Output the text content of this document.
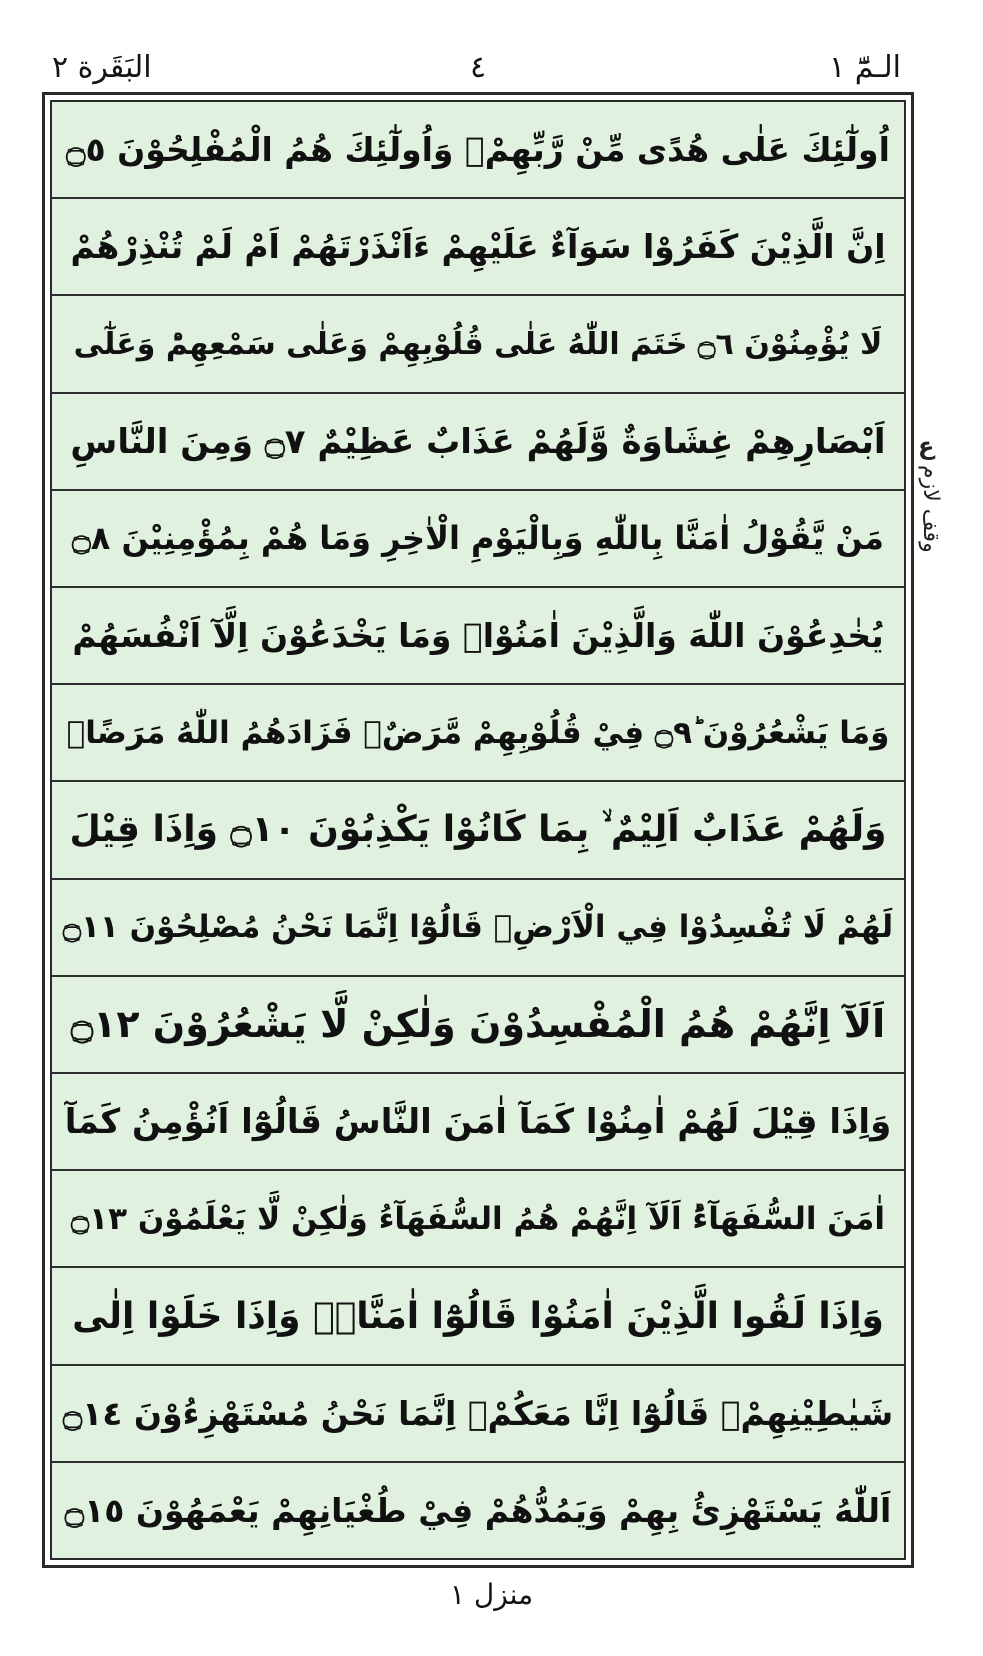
الـمّٓ ١
٤
البَقَرة ٢
اُولٰٓئِكَ عَلٰى هُدًى مِّنْ رَّبِّهِمْۗ وَاُولٰٓئِكَ هُمُ الْمُفْلِحُوْنَ ۝٥
اِنَّ الَّذِيْنَ كَفَرُوْا سَوَآءٌ عَلَيْهِمْ ءَاَنْذَرْتَهُمْ اَمْ لَمْ تُنْذِرْهُمْ
لَا يُؤْمِنُوْنَ ۝٦ خَتَمَ اللّٰهُ عَلٰى قُلُوْبِهِمْ وَعَلٰى سَمْعِهِمْؕ وَعَلٰٓى
اَبْصَارِهِمْ غِشَاوَةٌ وَّلَهُمْ عَذَابٌ عَظِيْمٌ ۝٧ وَمِنَ النَّاسِ
مَنْ يَّقُوْلُ اٰمَنَّا بِاللّٰهِ وَبِالْيَوْمِ الْاٰخِرِ وَمَا هُمْ بِمُؤْمِنِيْنَ ۝٨
يُخٰدِعُوْنَ اللّٰهَ وَالَّذِيْنَ اٰمَنُوْاۚ وَمَا يَخْدَعُوْنَ اِلَّآ اَنْفُسَهُمْ
وَمَا يَشْعُرُوْنَ ۝٩ؕ فِيْ قُلُوْبِهِمْ مَّرَضٌۙ فَزَادَهُمُ اللّٰهُ مَرَضًاۚ
وَلَهُمْ عَذَابٌ اَلِيْمٌ ۙ بِمَا كَانُوْا يَكْذِبُوْنَ ۝١٠ وَاِذَا قِيْلَ
لَهُمْ لَا تُفْسِدُوْا فِي الْاَرْضِۙ قَالُوْٓا اِنَّمَا نَحْنُ مُصْلِحُوْنَ ۝١١
اَلَآ اِنَّهُمْ هُمُ الْمُفْسِدُوْنَ وَلٰكِنْ لَّا يَشْعُرُوْنَ ۝١٢
وَاِذَا قِيْلَ لَهُمْ اٰمِنُوْا كَمَآ اٰمَنَ النَّاسُ قَالُوْٓا اَنُؤْمِنُ كَمَآ
اٰمَنَ السُّفَهَآءُؕ اَلَآ اِنَّهُمْ هُمُ السُّفَهَآءُ وَلٰكِنْ لَّا يَعْلَمُوْنَ ۝١٣
وَاِذَا لَقُوا الَّذِيْنَ اٰمَنُوْا قَالُوْٓا اٰمَنَّاۖۚ وَاِذَا خَلَوْا اِلٰى
شَيٰطِيْنِهِمْۙ قَالُوْٓا اِنَّا مَعَكُمْۙ اِنَّمَا نَحْنُ مُسْتَهْزِءُوْنَ ۝١٤
اَللّٰهُ يَسْتَهْزِئُ بِهِمْ وَيَمُدُّهُمْ فِيْ طُغْيَانِهِمْ يَعْمَهُوْنَ ۝١٥
ع
وقف لازم
منزل ١
